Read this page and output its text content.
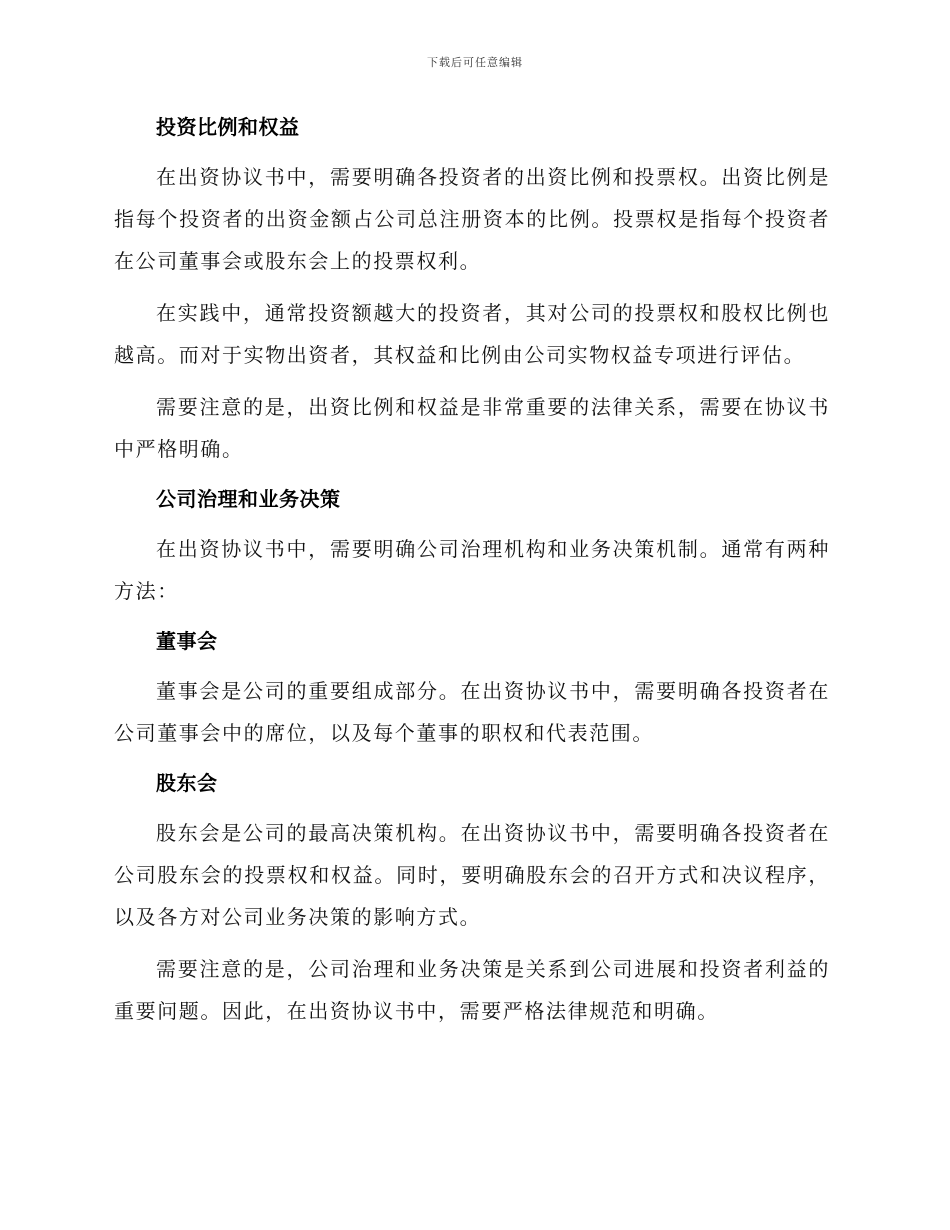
下载后可任意编辑
投资比例和权益

在出资协议书中，需要明确各投资者的出资比例和投票权。出资比例是指每个投资者的出资金额占公司总注册资本的比例。投票权是指每个投资者在公司董事会或股东会上的投票权利。

在实践中，通常投资额越大的投资者，其对公司的投票权和股权比例也越高。而对于实物出资者，其权益和比例由公司实物权益专项进行评估。

需要注意的是，出资比例和权益是非常重要的法律关系，需要在协议书中严格明确。

公司治理和业务决策

在出资协议书中，需要明确公司治理机构和业务决策机制。通常有两种方法：

董事会

董事会是公司的重要组成部分。在出资协议书中，需要明确各投资者在公司董事会中的席位，以及每个董事的职权和代表范围。

股东会

股东会是公司的最高决策机构。在出资协议书中，需要明确各投资者在公司股东会的投票权和权益。同时，要明确股东会的召开方式和决议程序，以及各方对公司业务决策的影响方式。

需要注意的是，公司治理和业务决策是关系到公司进展和投资者利益的重要问题。因此，在出资协议书中，需要严格法律规范和明确。
